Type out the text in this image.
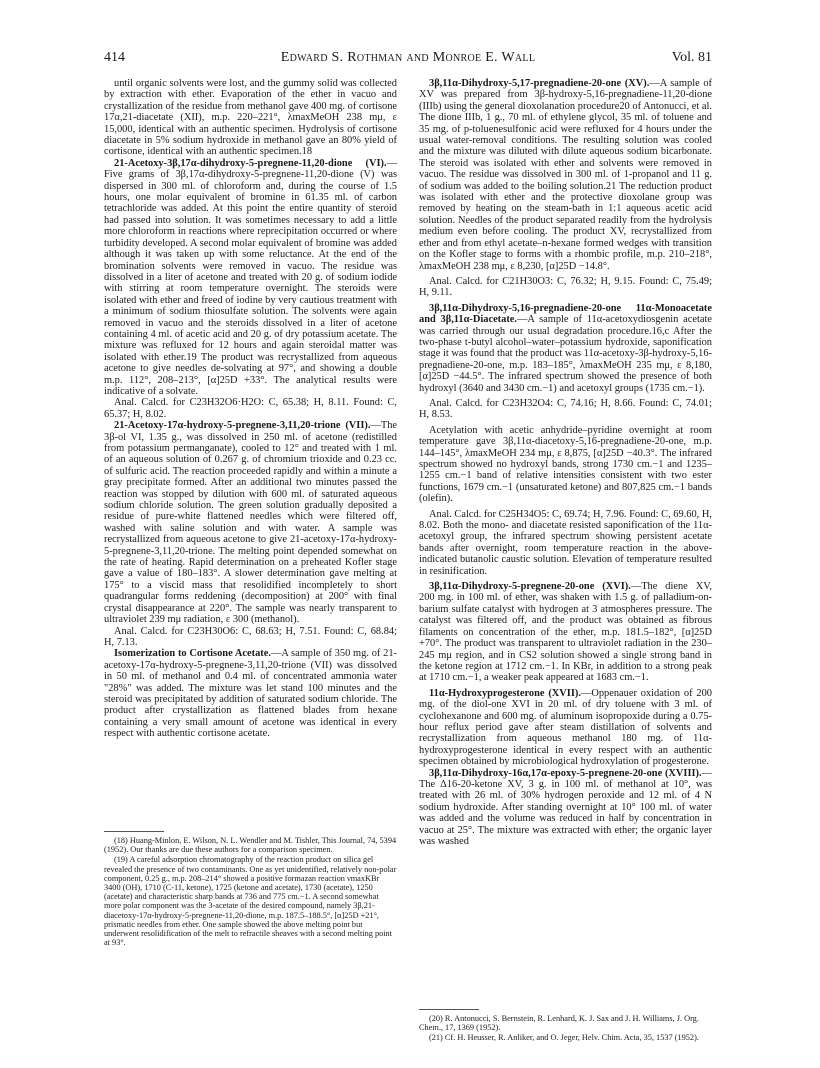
414	Edward S. Rothman and Monroe E. Wall	Vol. 81

until organic solvents were lost, and the gummy solid was collected by extraction with ether. Evaporation of the ether in vacuo and crystallization of the residue from methanol gave 400 mg. of cortisone 17α,21-diacetate (XII), m.p. 220–221°, λmaxMeOH 238 mμ, ε 15,000, identical with an authentic specimen. Hydrolysis of cortisone diacetate in 5% sodium hydroxide in methanol gave an 80% yield of cortisone, identical with an authentic specimen.18

21-Acetoxy-3β,17α-dihydroxy-5-pregnene-11,20-dione (VI).—Five grams of 3β,17α-dihydroxy-5-pregnene-11,20-dione (V) was dispersed in 300 ml. of chloroform and, during the course of 1.5 hours, one molar equivalent of bromine in 61.35 ml. of carbon tetrachloride was added. At this point the entire quantity of steroid had passed into solution. It was sometimes necessary to add a little more chloroform in reactions where reprecipitation occurred or where turbidity developed. A second molar equivalent of bromine was added although it was taken up with some reluctance. At the end of the bromination solvents were removed in vacuo. The residue was dissolved in a liter of acetone and treated with 20 g. of sodium iodide with stirring at room temperature overnight. The steroids were isolated with ether and freed of iodine by very cautious treatment with a minimum of sodium thiosulfate solution. The solvents were again removed in vacuo and the steroids dissolved in a liter of acetone containing 4 ml. of acetic acid and 20 g. of dry potassium acetate. The mixture was refluxed for 12 hours and again steroidal matter was isolated with ether.19 The product was recrystallized from aqueous acetone to give needles de-solvating at 97°, and showing a double m.p. 112°, 208–213°, [α]25D +33°. The analytical results were indicative of a solvate.

Anal. Calcd. for C23H32O6·H2O: C, 65.38; H, 8.11. Found: C, 65.37; H, 8.02.

21-Acetoxy-17α-hydroxy-5-pregnene-3,11,20-trione (VII).—The 3β-ol VI, 1.35 g., was dissolved in 250 ml. of acetone (redistilled from potassium permanganate), cooled to 12° and treated with 1 ml. of an aqueous solution of 0.267 g. of chromium trioxide and 0.23 cc. of sulfuric acid. The reaction proceeded rapidly and within a minute a gray precipitate formed. After an additional two minutes passed the reaction was stopped by dilution with 600 ml. of saturated aqueous sodium chloride solution. The green solution gradually deposited a residue of pure-white flattened needles which were filtered off, washed with saline solution and with water. A sample was recrystallized from aqueous acetone to give 21-acetoxy-17α-hydroxy-5-pregnene-3,11,20-trione. The melting point depended somewhat on the rate of heating. Rapid determination on a preheated Kofler stage gave a value of 180–183°. A slower determination gave melting at 175° to a viscid mass that resolidified incompletely to short quadrangular forms reddening (decomposition) at 200° with final crystal disappearance at 220°. The sample was nearly transparent to ultraviolet 239 mμ radiation, ε 300 (methanol).

Anal. Calcd. for C23H30O6: C, 68.63; H, 7.51. Found: C, 68.84; H, 7.13.

Isomerization to Cortisone Acetate.—A sample of 350 mg. of 21-acetoxy-17α-hydroxy-5-pregnene-3,11,20-trione (VII) was dissolved in 50 ml. of methanol and 0.4 ml. of concentrated ammonia water "28%" was added. The mixture was let stand 100 minutes and the steroid was precipitated by addition of saturated sodium chloride. The product after crystallization as flattened blades from hexane containing a very small amount of acetone was identical in every respect with authentic cortisone acetate.

(18) Huang-Minlon, E. Wilson, N. L. Wendler and M. Tishler, This Journal, 74, 5394 (1952). Our thanks are due these authors for a comparison specimen.

(19) A careful adsorption chromatography of the reaction product on silica gel revealed the presence of two contaminants. One as yet unidentified, relatively non-polar component, 0.25 g., m.p. 208–214° showed a positive formazan reaction νmaxKBr 3400 (OH), 1710 (C-11, ketone), 1725 (ketone and acetate), 1730 (acetate), 1250 (acetate) and characteristic sharp bands at 736 and 775 cm.−1. A second somewhat more polar component was the 3-acetate of the desired compound, namely 3β,21-diacetoxy-17α-hydroxy-5-pregnene-11,20-dione, m.p. 187.5–188.5°, [α]25D +21°, prismatic needles from ether. One sample showed the above melting point but underwent resolidification of the melt to refractile sheaves with a second melting point at 93°.

3β,11α-Dihydroxy-5,17-pregnadiene-20-one (XV).—A sample of XV was prepared from 3β-hydroxy-5,16-pregnadiene-11,20-dione (IIIb) using the general dioxolanation procedure20 of Antonucci, et al. The dione IIIb, 1 g., 70 ml. of ethylene glycol, 35 ml. of toluene and 35 mg. of p-toluenesulfonic acid were refluxed for 4 hours under the usual water-removal conditions. The resulting solution was cooled and the mixture was diluted with dilute aqueous sodium bicarbonate. The steroid was isolated with ether and solvents were removed in vacuo. The residue was dissolved in 300 ml. of 1-propanol and 11 g. of sodium was added to the boiling solution.21 The reduction product was isolated with ether and the protective dioxolane group was removed by heating on the steam-bath in 1:1 aqueous acetic acid solution. Needles of the product separated readily from the hydrolysis medium even before cooling. The product XV, recrystallized from ether and from ethyl acetate–n-hexane formed wedges with transition on the Kofler stage to forms with a rhombic profile, m.p. 210–218°, λmaxMeOH 238 mμ, ε 8,230, [α]25D −14.8°.

Anal. Calcd. for C21H30O3: C, 76.32; H, 9.15. Found: C, 75.49; H, 9.11.

3β,11α-Dihydroxy-5,16-pregnadiene-20-one 11α-Monoacetate and 3β,11α-Diacetate.—A sample of 11α-acetoxydiosgenin acetate was carried through our usual degradation procedure.16,c After the two-phase t-butyl alcohol–water–potassium hydroxide, saponification stage it was found that the product was 11α-acetoxy-3β-hydroxy-5,16-pregnadiene-20-one, m.p. 183–185°, λmaxMeOH 235 mμ, ε 8,180, [α]25D −44.5°. The infrared spectrum showed the presence of both hydroxyl (3640 and 3430 cm.−1) and acetoxyl groups (1735 cm.−1).

Anal. Calcd. for C23H32O4: C, 74.16; H, 8.66. Found: C, 74.01; H, 8.53.

Acetylation with acetic anhydride–pyridine overnight at room temperature gave 3β,11α-diacetoxy-5,16-pregnadiene-20-one, m.p. 144–145°, λmaxMeOH 234 mμ, ε 8,875, [α]25D −40.3°. The infrared spectrum showed no hydroxyl bands, strong 1730 cm.−1 and 1235–1255 cm.−1 band of relative intensities consistent with two ester functions, 1679 cm.−1 (unsaturated ketone) and 807,825 cm.−1 bands (olefin).

Anal. Calcd. for C25H34O5: C, 69.74; H, 7.96. Found: C, 69.60, H, 8.02. Both the mono- and diacetate resisted saponification of the 11α-acetoxyl group, the infrared spectrum showing persistent acetate bands after overnight, room temperature reaction in the above-indicated butanolic caustic solution. Elevation of temperature resulted in resinification.

3β,11α-Dihydroxy-5-pregnene-20-one (XVI).—The diene XV, 200 mg. in 100 ml. of ether, was shaken with 1.5 g. of palladium-on-barium sulfate catalyst with hydrogen at 3 atmospheres pressure. The catalyst was filtered off, and the product was obtained as fibrous filaments on concentration of the ether, m.p. 181.5–182°, [α]25D +70°. The product was transparent to ultraviolet radiation in the 230–245 mμ region, and in CS2 solution showed a single strong band in the ketone region at 1712 cm.−1. In KBr, in addition to a strong peak at 1710 cm.−1, a weaker peak appeared at 1683 cm.−1.

11α-Hydroxyprogesterone (XVII).—Oppenauer oxidation of 200 mg. of the diol-one XVI in 20 ml. of dry toluene with 3 ml. of cyclohexanone and 600 mg. of aluminum isopropoxide during a 0.75-hour reflux period gave after steam distillation of solvents and recrystallization from aqueous methanol 180 mg. of 11α-hydroxyprogesterone identical in every respect with an authentic specimen obtained by microbiological hydroxylation of progesterone.

3β,11α-Dihydroxy-16α,17α-epoxy-5-pregnene-20-one (XVIII).—The Δ16-20-ketone XV, 3 g. in 100 ml. of methanol at 10°, was treated with 26 ml. of 30% hydrogen peroxide and 12 ml. of 4 N sodium hydroxide. After standing overnight at 10° 100 ml. of water was added and the volume was reduced in half by concentration in vacuo at 25°. The mixture was extracted with ether; the organic layer was washed

(20) R. Antonucci, S. Bernstein, R. Lenhard, K. J. Sax and J. H. Williams, J. Org. Chem., 17, 1369 (1952).

(21) Cf. H. Heusser, R. Anliker, and O. Jeger, Helv. Chim. Acta, 35, 1537 (1952).
